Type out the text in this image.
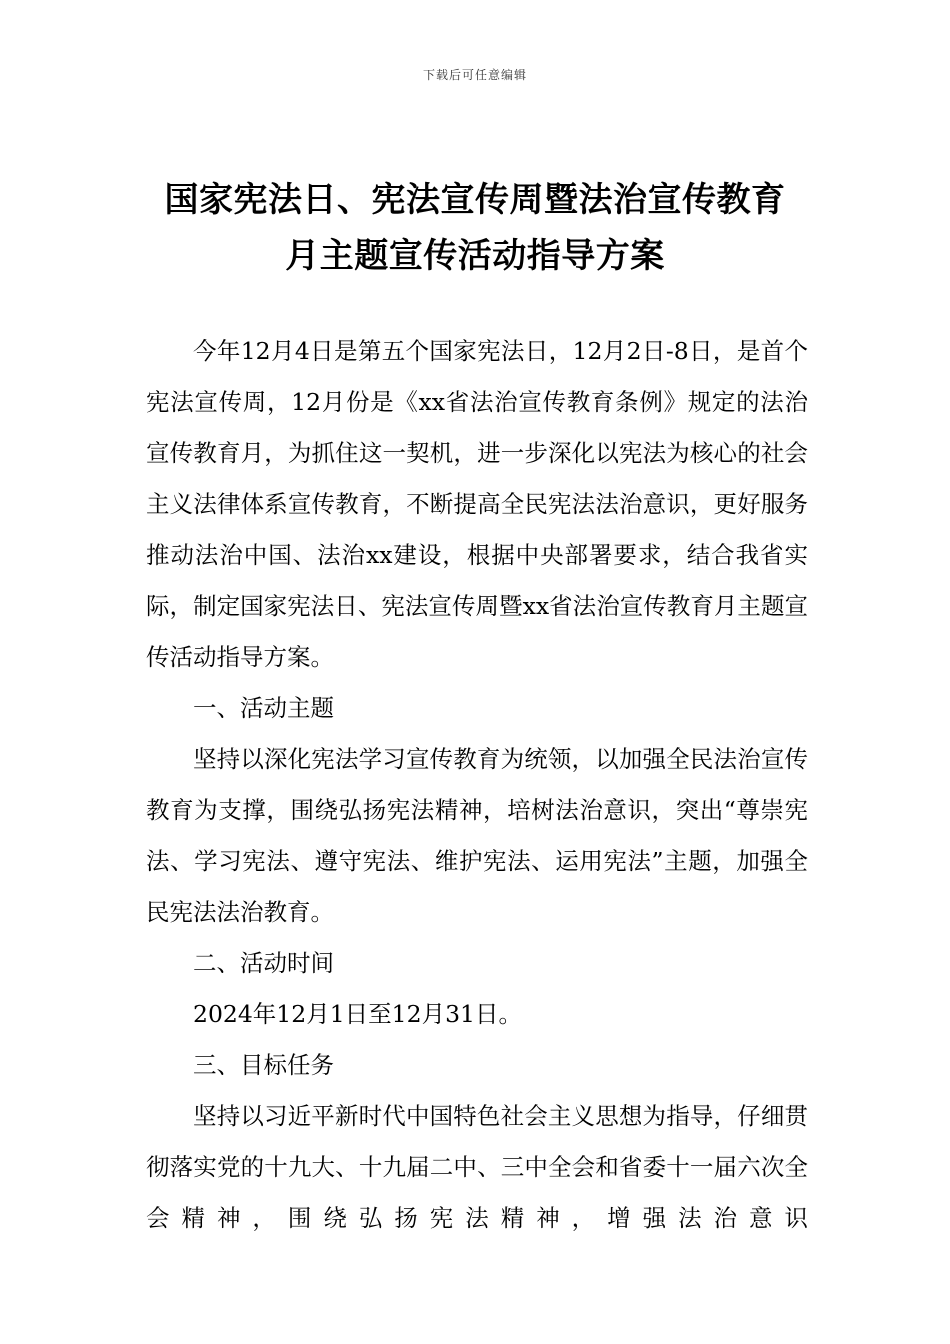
下载后可任意编辑
国家宪法日、宪法宣传周暨法治宣传教育
月主题宣传活动指导方案

今年12月4日是第五个国家宪法日，12月2日-8日，是首个宪法宣传周，12月份是《xx省法治宣传教育条例》规定的法治宣传教育月，为抓住这一契机，进一步深化以宪法为核心的社会主义法律体系宣传教育，不断提高全民宪法法治意识，更好服务推动法治中国、法治xx建设，根据中央部署要求，结合我省实际，制定国家宪法日、宪法宣传周暨xx省法治宣传教育月主题宣传活动指导方案。

一、活动主题

坚持以深化宪法学习宣传教育为统领，以加强全民法治宣传教育为支撑，围绕弘扬宪法精神，培树法治意识，突出“尊崇宪法、学习宪法、遵守宪法、维护宪法、运用宪法”主题，加强全民宪法法治教育。

二、活动时间

2024年12月1日至12月31日。

三、目标任务

坚持以习近平新时代中国特色社会主义思想为指导，仔细贯彻落实党的十九大、十九届二中、三中全会和省委十一届六次全会精神，围绕弘扬宪法精神，增强法治意识
